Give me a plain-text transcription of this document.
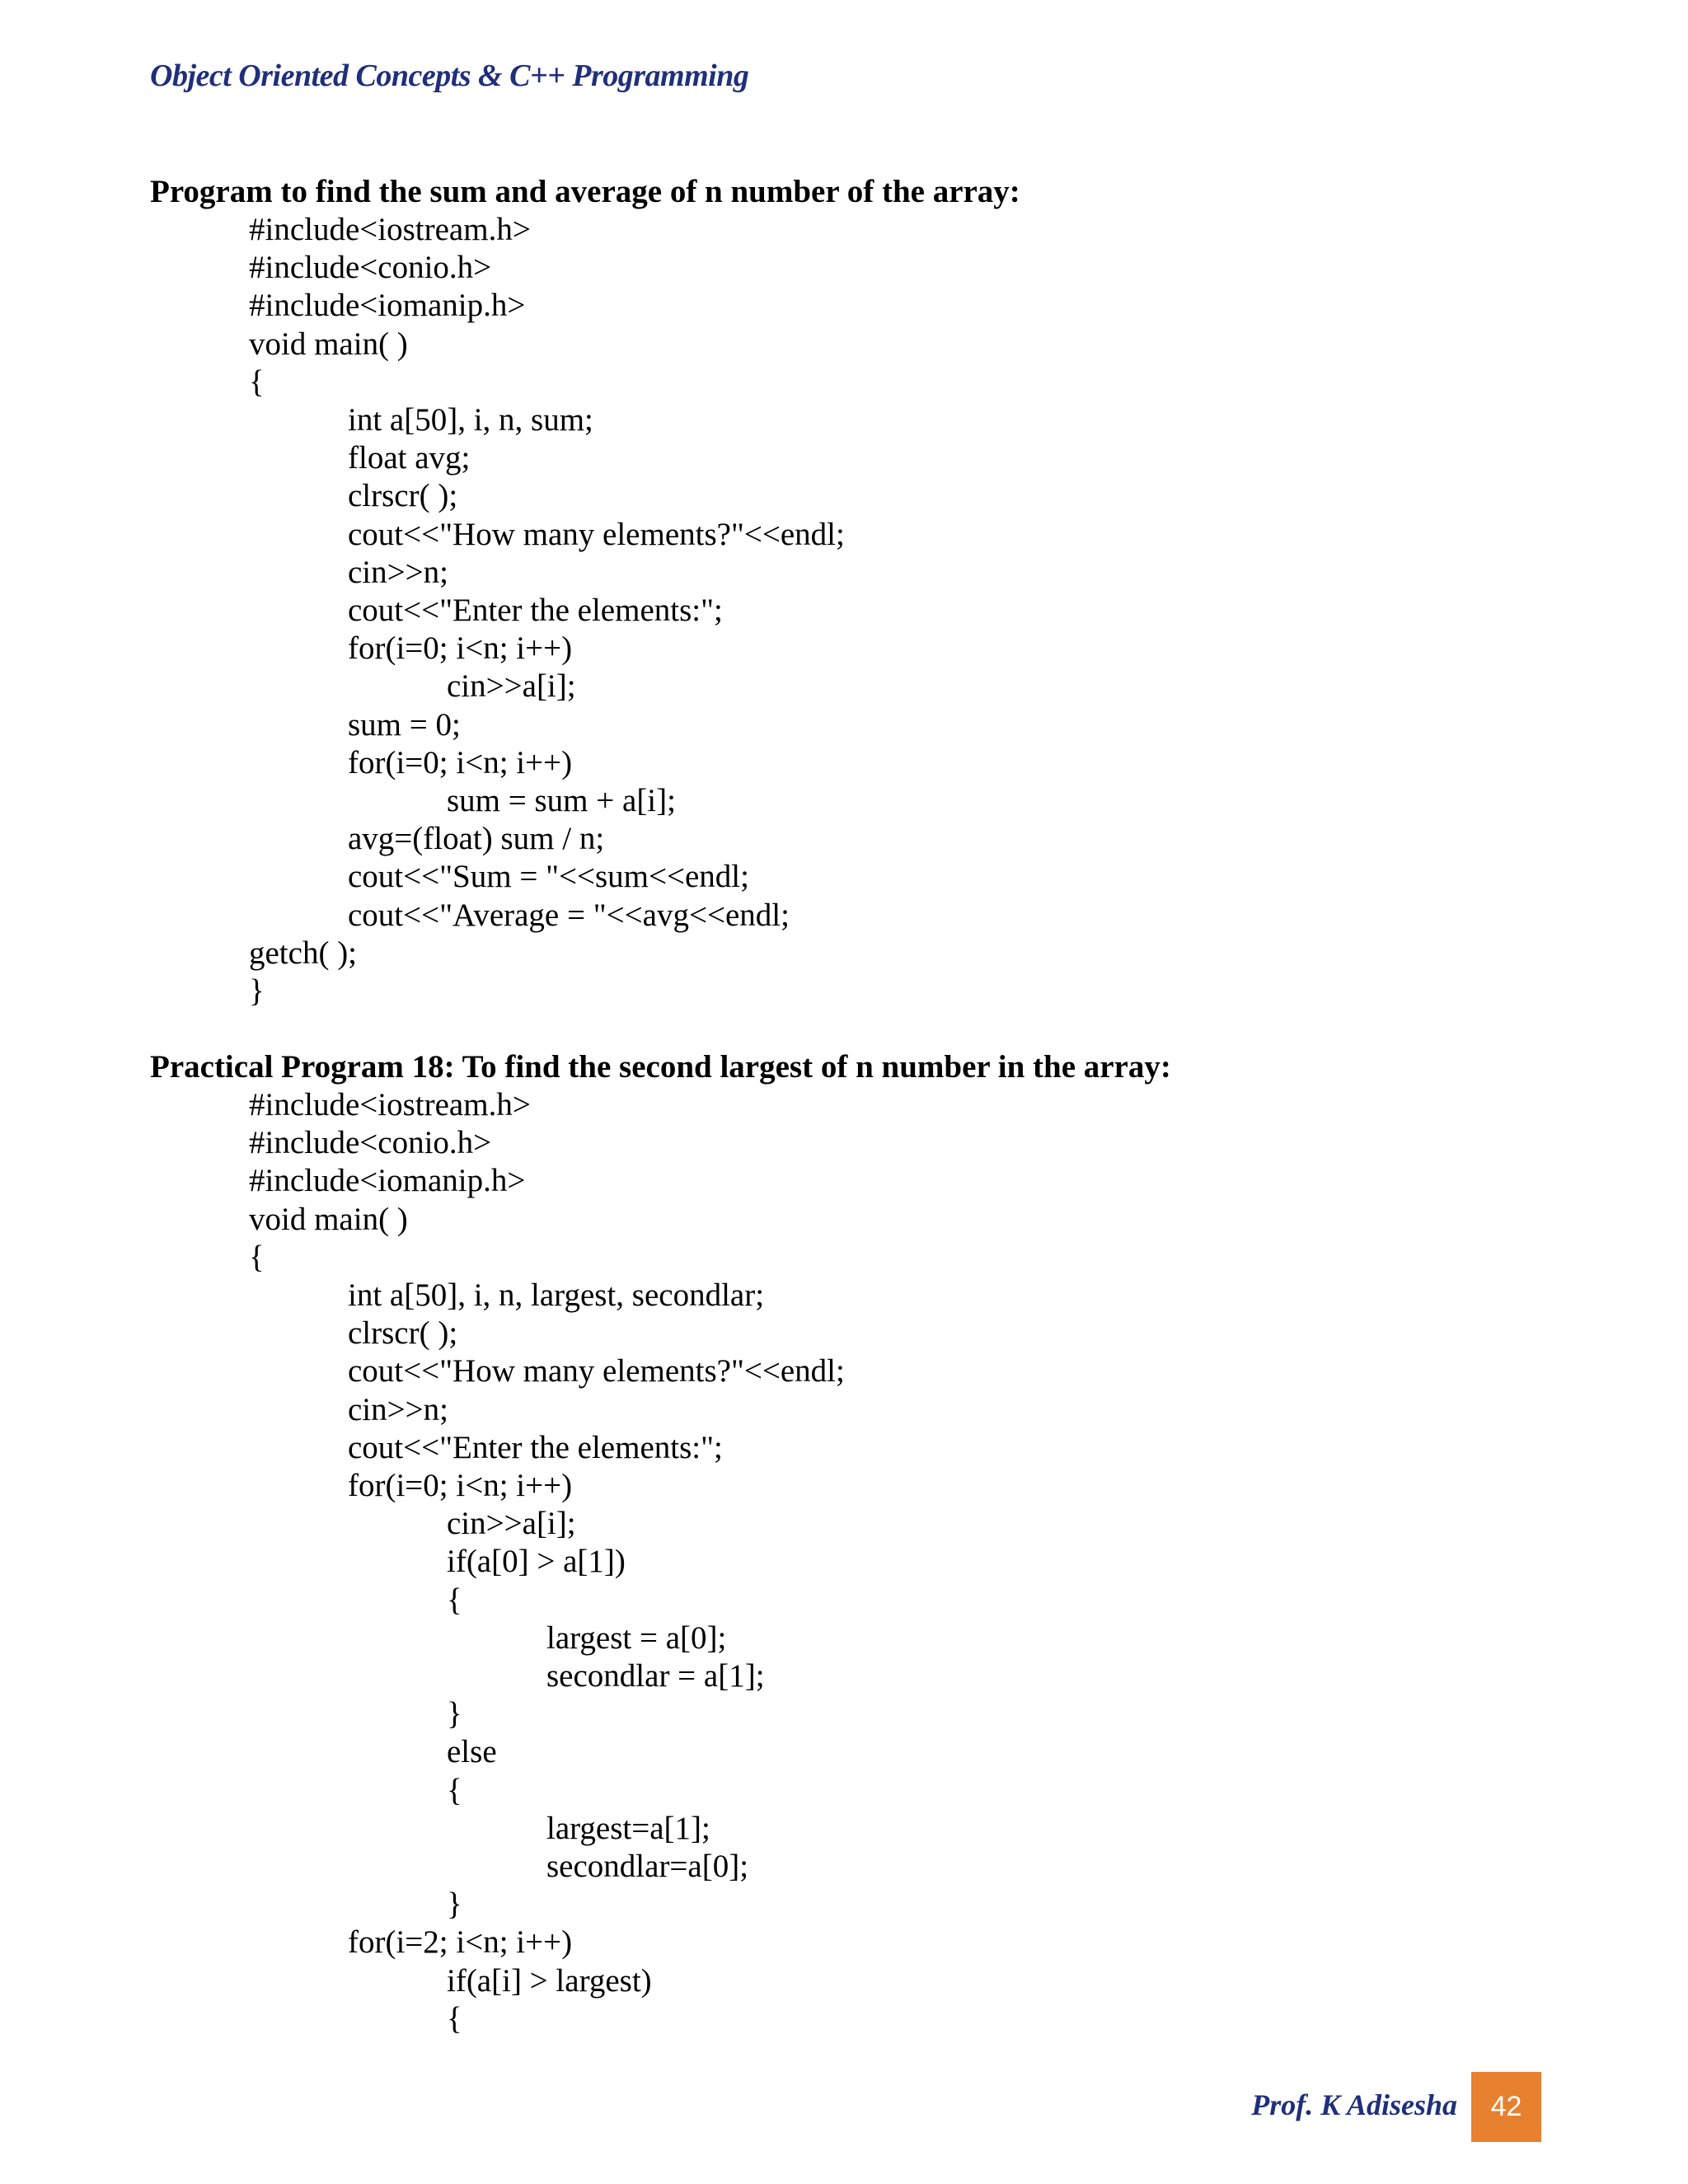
Object Oriented Concepts & C++ Programming
Program to find the sum and average of n number of the array:
#include<iostream.h>
#include<conio.h>
#include<iomanip.h>
void main( )
{
int a[50], i, n, sum;
float avg;
clrscr( );
cout<<"How many elements?"<<endl;
cin>>n;
cout<<"Enter the elements:";
for(i=0; i<n; i++)
cin>>a[i];
sum = 0;
for(i=0; i<n; i++)
sum = sum + a[i];
avg=(float) sum / n;
cout<<"Sum = "<<sum<<endl;
cout<<"Average = "<<avg<<endl;
getch( );
}
Practical Program 18: To find the second largest of n number in the array:
#include<iostream.h>
#include<conio.h>
#include<iomanip.h>
void main( )
{
int a[50], i, n, largest, secondlar;
clrscr( );
cout<<"How many elements?"<<endl;
cin>>n;
cout<<"Enter the elements:";
for(i=0; i<n; i++)
cin>>a[i];
if(a[0] > a[1])
{
largest = a[0];
secondlar = a[1];
}
else
{
largest=a[1];
secondlar=a[0];
}
for(i=2; i<n; i++)
if(a[i] > largest)
{
Prof. K Adisesha	42
